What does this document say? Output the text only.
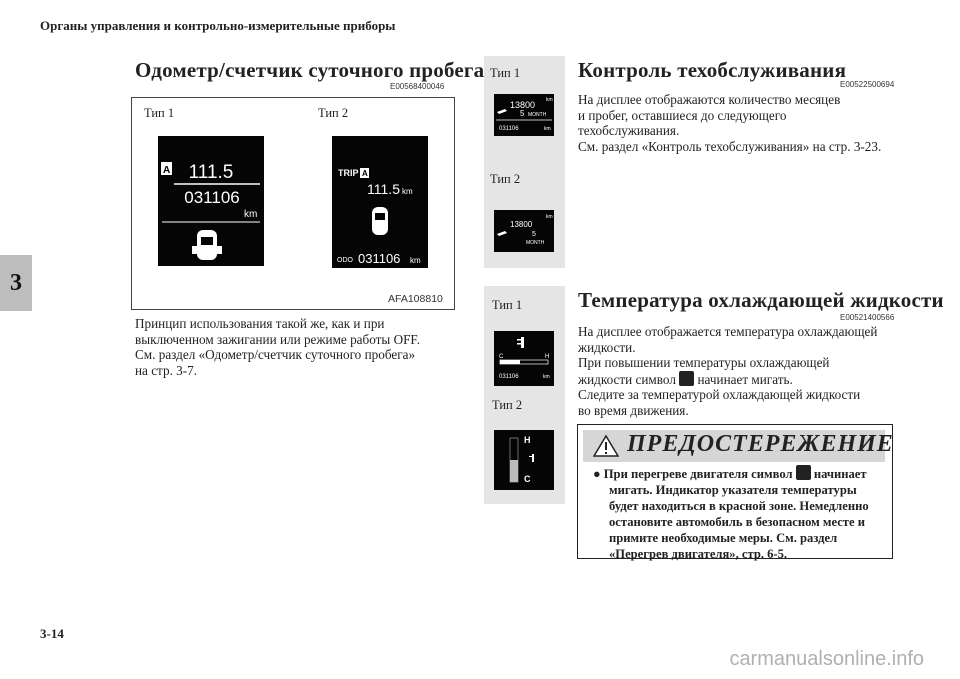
Органы управления и контрольно-измерительные приборы
3
Одометр/счетчик суточного пробега
E00568400046
Тип 1	Тип 2
A 111.5
031106
km
TRIP A
111.5 km
ODO 031106 km
AFA108810
Принцип использования такой же, как и при
выключенном зажигании или режиме работы OFF.
См. раздел «Одометр/счетчик суточного пробега»
на стр. 3-7.
Тип 1
13800 km
5 MONTH
031106	km
Тип 2
13800
km
5
MONTH
Контроль техобслуживания
E00522500694
На дисплее отображаются количество месяцев
и пробег, оставшиеся до следующего
техобслуживания.
См. раздел «Контроль техобслуживания» на стр. 3-23.
Тип 1
C	H
031106	km
Тип 2
H
C
Температура охлаждающей жидкости
E00521400566
На дисплее отображается температура охлаждающей
жидкости.
При повышении температуры охлаждающей
жидкости символ начинает мигать.
Следите за температурой охлаждающей жидкости
во время движения.
ПРЕДОСТЕРЕЖЕНИЕ
● При перегреве двигателя символ начинает
мигать. Индикатор указателя температуры
будет находиться в красной зоне. Немедленно
остановите автомобиль в безопасном месте и
примите необходимые меры. См. раздел
«Перегрев двигателя», стр. 6-5.
3-14
carmanualsonline.info
